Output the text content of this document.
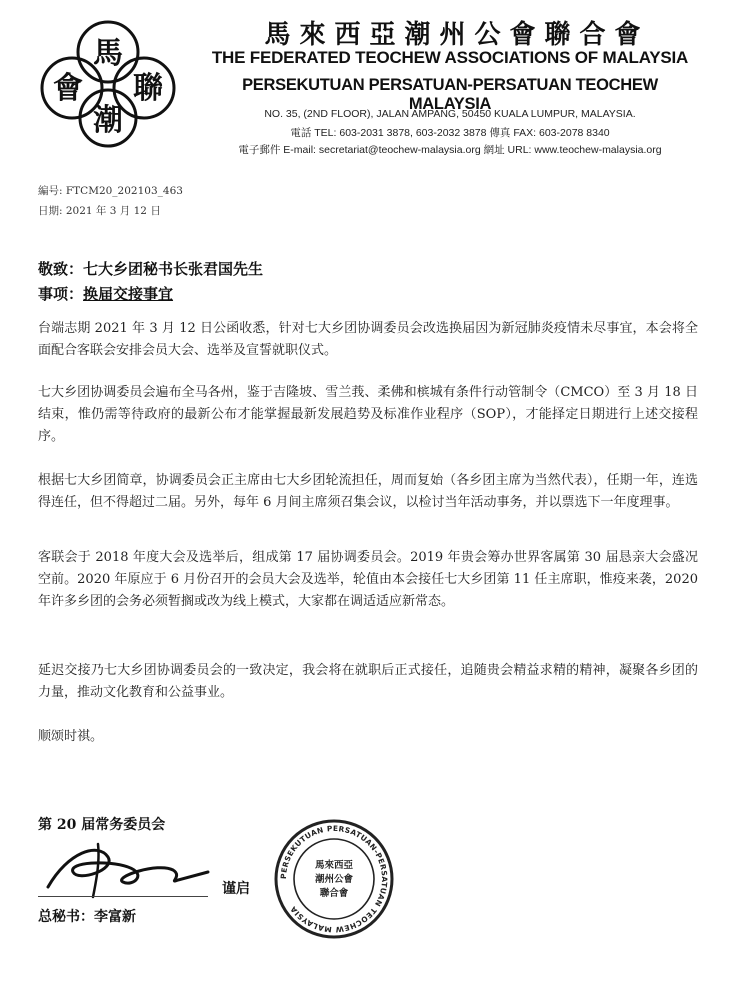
馬
會 聯
潮
馬來西亞潮州公會聯合會
THE FEDERATED TEOCHEW ASSOCIATIONS OF MALAYSIA
PERSEKUTUAN PERSATUAN-PERSATUAN TEOCHEW MALAYSIA
NO. 35, (2ND FLOOR), JALAN AMPANG, 50450 KUALA LUMPUR, MALAYSIA.
電話 TEL: 603-2031 3878, 603-2032 3878 傳真 FAX: 603-2078 8340
電子郵件 E-mail: secretariat@teochew-malaysia.org 網址 URL: www.teochew-malaysia.org
編号: FTCM20_202103_463
日期: 2021 年 3 月 12 日
敬致：七大乡团秘书长张君国先生
事项：换届交接事宜
台端志期 2021 年 3 月 12 日公函收悉，针对七大乡团协调委员会改选换届因为新冠肺炎疫情未尽事宜，本会将全面配合客联会安排会员大会、选举及宣誓就职仪式。
七大乡团协调委员会遍布全马各州，鉴于吉隆坡、雪兰莪、柔佛和槟城有条件行动管制令（CMCO）至 3 月 18 日结束，惟仍需等待政府的最新公布才能掌握最新发展趋势及标准作业程序（SOP），才能择定日期进行上述交接程序。
根据七大乡团简章，协调委员会正主席由七大乡团轮流担任，周而复始（各乡团主席为当然代表），任期一年，连选得连任，但不得超过二届。另外，每年 6 月间主席须召集会议，以检讨当年活动事务，并以票选下一年度理事。
客联会于 2018 年度大会及选举后，组成第 17 届协调委员会。2019 年贵会筹办世界客属第 30 届恳亲大会盛况空前。2020 年原应于 6 月份召开的会员大会及选举，轮值由本会接任七大乡团第 11 任主席职，惟疫来袭，2020 年许多乡团的会务必须暂搁或改为线上模式，大家都在调适适应新常态。
延迟交接乃七大乡团协调委员会的一致决定，我会将在就职后正式接任，追随贵会精益求精的精神，凝聚各乡团的力量，推动文化教育和公益事业。
顺颂时祺。
第 20 届常务委员会
总秘书：李富新
谨启
PERSEKUTUAN PERSATUAN-PERSATUAN TEOCHEW MALAYSIA
馬來西亞
潮州公會
聯合會
